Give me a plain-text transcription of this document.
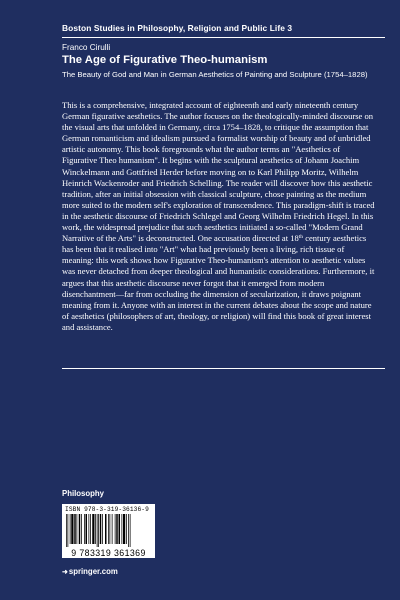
Boston Studies in Philosophy, Religion and Public Life 3
Franco Cirulli
The Age of Figurative Theo-humanism
The Beauty of God and Man in German Aesthetics of Painting and Sculpture (1754–1828)

This is a comprehensive, integrated account of eighteenth and early nineteenth century German figurative aesthetics. The author focuses on the theologically-minded discourse on the visual arts that unfolded in Germany, circa 1754–1828, to critique the assumption that German romanticism and idealism pursued a formalist worship of beauty and of unbridled artistic autonomy. This book foregrounds what the author terms an "Aesthetics of Figurative Theo humanism". It begins with the sculptural aesthetics of Johann Joachim Winckelmann and Gottfried Herder before moving on to Karl Philipp Moritz, Wilhelm Heinrich Wackenroder and Friedrich Schelling. The reader will discover how this aesthetic tradition, after an initial obsession with classical sculpture, chose painting as the medium more suited to the modern self's exploration of transcendence. This paradigm-shift is traced in the aesthetic discourse of Friedrich Schlegel and Georg Wilhelm Friedrich Hegel. In this work, the widespread prejudice that such aesthetics initiated a so-called "Modern Grand Narrative of the Arts" is deconstructed. One accusation directed at 18th century aesthetics has been that it realised into "Art" what had previously been a living, rich tissue of meaning: this work shows how Figurative Theo-humanism's attention to aesthetic values was never detached from deeper theological and humanistic considerations. Furthermore, it argues that this aesthetic discourse never forgot that it emerged from modern disenchantment—far from occluding the dimension of secularization, it draws poignant meaning from it. Anyone with an interest in the current debates about the scope and nature of aesthetics (philosophers of art, theology, or religion) will find this book of great interest and assistance.

Philosophy
ISBN 978-3-319-36136-9
9 783319 361369
➜springer.com
